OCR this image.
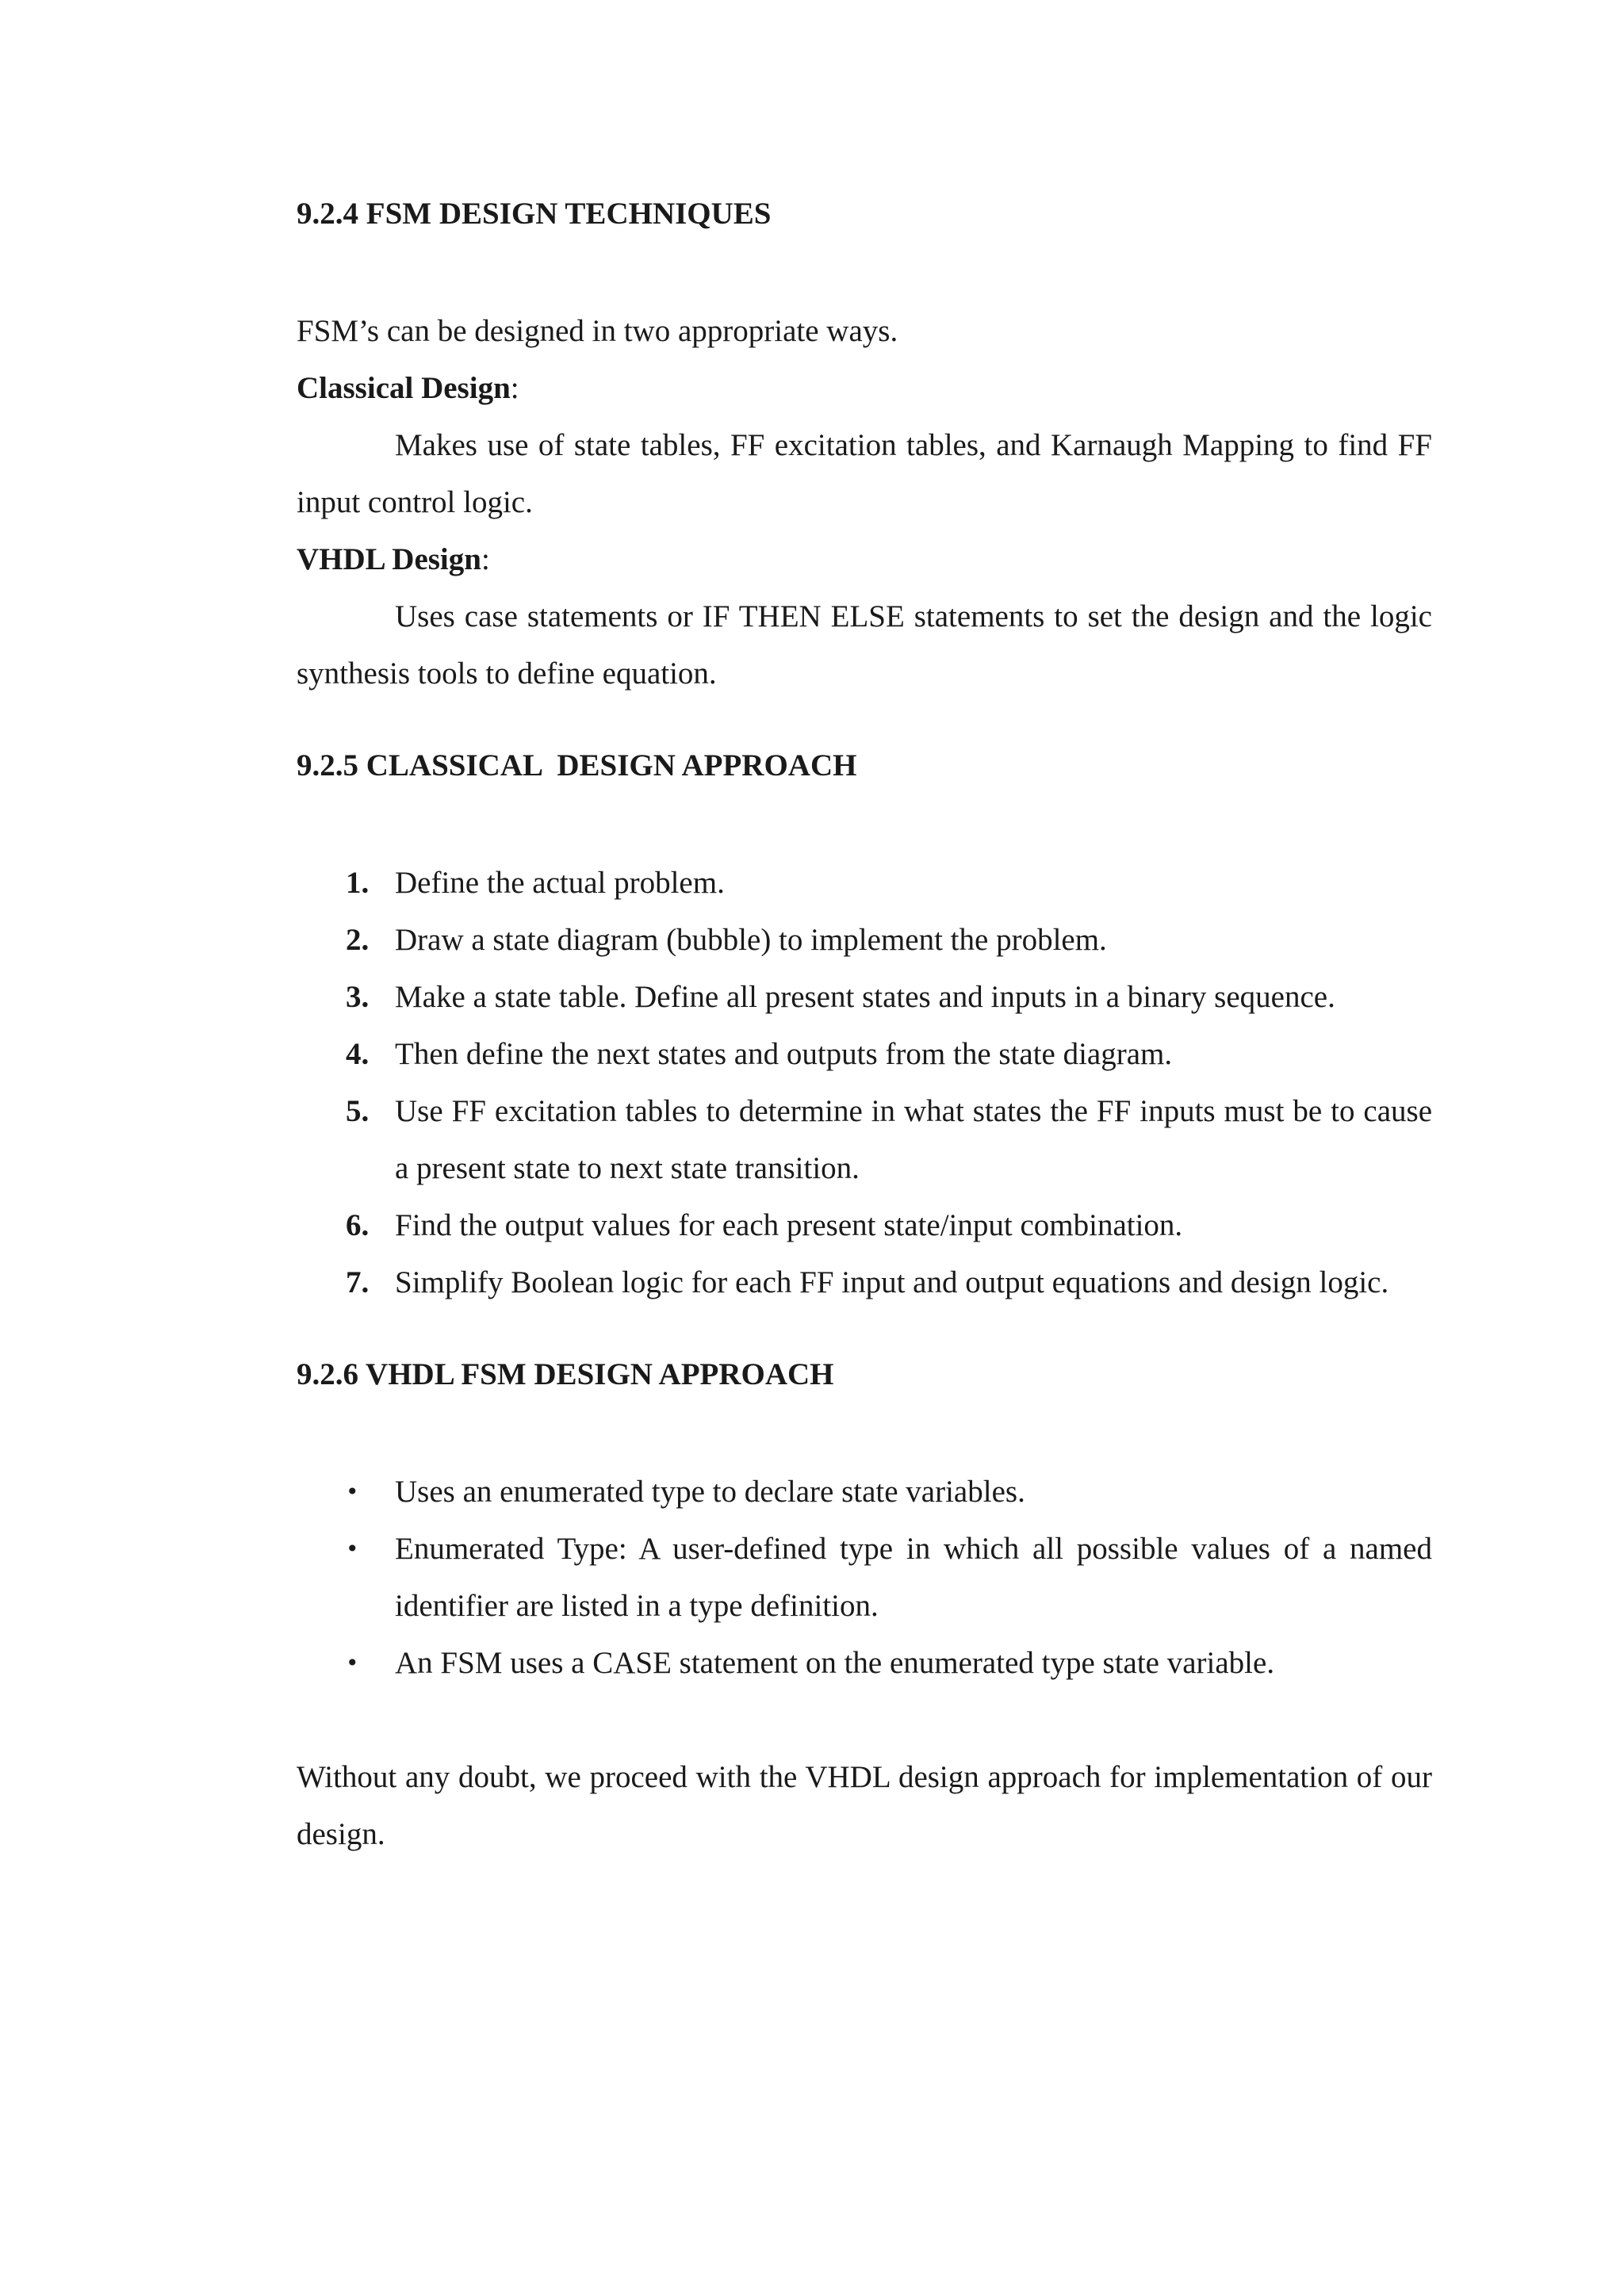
9.2.4 FSM DESIGN TECHNIQUES

FSM’s can be designed in two appropriate ways.

Classical Design:

Makes use of state tables, FF excitation tables, and Karnaugh Mapping to find FF input control logic.

VHDL Design:

Uses case statements or IF THEN ELSE statements to set the design and the logic synthesis tools to define equation.

9.2.5 CLASSICAL  DESIGN APPROACH
1. Define the actual problem.
2. Draw a state diagram (bubble) to implement the problem.
3. Make a state table. Define all present states and inputs in a binary sequence.
4. Then define the next states and outputs from the state diagram.
5. Use FF excitation tables to determine in what states the FF inputs must be to cause a present state to next state transition.
6. Find the output values for each present state/input combination.
7. Simplify Boolean logic for each FF input and output equations and design logic.
9.2.6 VHDL FSM DESIGN APPROACH
• Uses an enumerated type to declare state variables.
• Enumerated Type: A user-defined type in which all possible values of a named identifier are listed in a type definition.
• An FSM uses a CASE statement on the enumerated type state variable.

Without any doubt, we proceed with the VHDL design approach for implementation of our design.
